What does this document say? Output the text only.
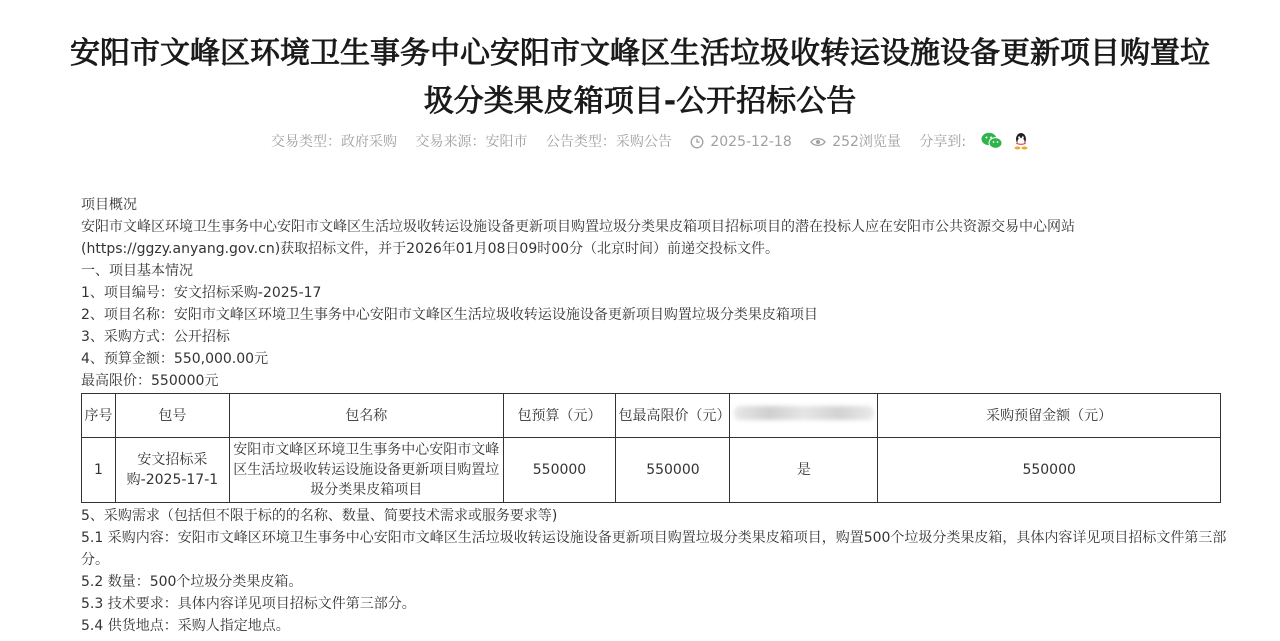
安阳市文峰区环境卫生事务中心安阳市文峰区生活垃圾收转运设施设备更新项目购置垃圾分类果皮箱项目-公开招标公告
交易类型：政府采购 交易来源：安阳市 公告类型：采购公告	2025-12-18	252浏览量 分享到:

项目概况

安阳市文峰区环境卫生事务中心安阳市文峰区生活垃圾收转运设施设备更新项目购置垃圾分类果皮箱项目招标项目的潜在投标人应在安阳市公共资源交易中心网站(https://ggzy.anyang.gov.cn)获取招标文件，并于2026年01月08日09时00分（北京时间）前递交投标文件。

一、项目基本情况

1、项目编号：安文招标采购-2025-17

2、项目名称：安阳市文峰区环境卫生事务中心安阳市文峰区生活垃圾收转运设施设备更新项目购置垃圾分类果皮箱项目

3、采购方式：公开招标

4、预算金额：550,000.00元

最高限价：550000元

序号	包号	包名称	包预算（元）	包最高限价（元）		采购预留金额（元）
1	安文招标采购-2025-17-1	安阳市文峰区环境卫生事务中心安阳市文峰区生活垃圾收转运设施设备更新项目购置垃圾分类果皮箱项目	550000	550000	是	550000

5、采购需求（包括但不限于标的的名称、数量、简要技术需求或服务要求等)

5.1 采购内容：安阳市文峰区环境卫生事务中心安阳市文峰区生活垃圾收转运设施设备更新项目购置垃圾分类果皮箱项目，购置500个垃圾分类果皮箱，具体内容详见项目招标文件第三部分。

5.2 数量：500个垃圾分类果皮箱。

5.3 技术要求：具体内容详见项目招标文件第三部分。

5.4 供货地点：采购人指定地点。
